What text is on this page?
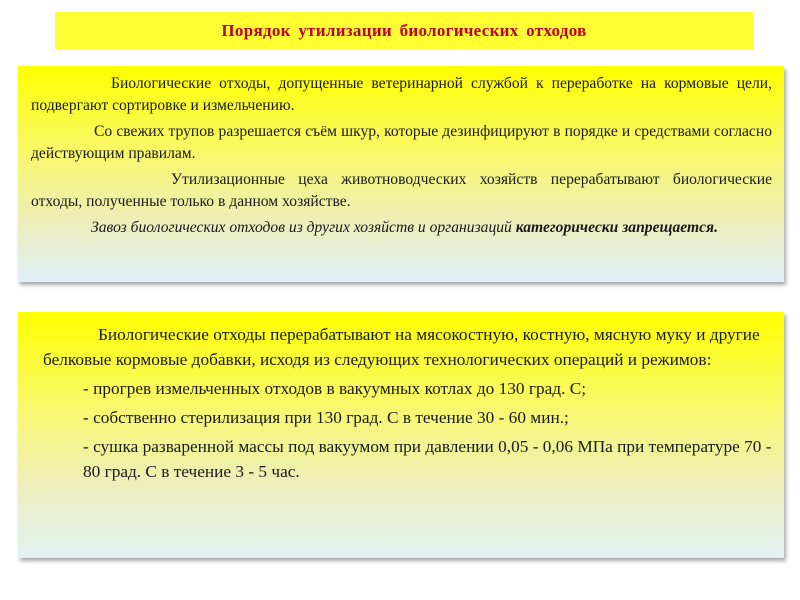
Порядок утилизации биологических отходов

Биологические отходы, допущенные ветеринарной службой к переработке на кормовые цели, подвергают сортировке и измельчению.

Со свежих трупов разрешается съём шкур, которые дезинфицируют в порядке и средствами согласно действующим правилам.

Утилизационные цеха животноводческих хозяйств перерабатывают биологические отходы, полученные только в данном хозяйстве.

Завоз биологических отходов из других хозяйств и организаций категорически запрещается.

Биологические отходы перерабатывают на мясокостную, костную, мясную муку и другие белковые кормовые добавки, исходя из следующих технологических операций и режимов:

- прогрев измельченных отходов в вакуумных котлах до 130 град. С;

- собственно стерилизация при 130 град. С в течение 30 - 60 мин.;

- сушка разваренной массы под вакуумом при давлении 0,05 - 0,06 МПа при температуре 70 - 80 град. С в течение 3 - 5 час.
